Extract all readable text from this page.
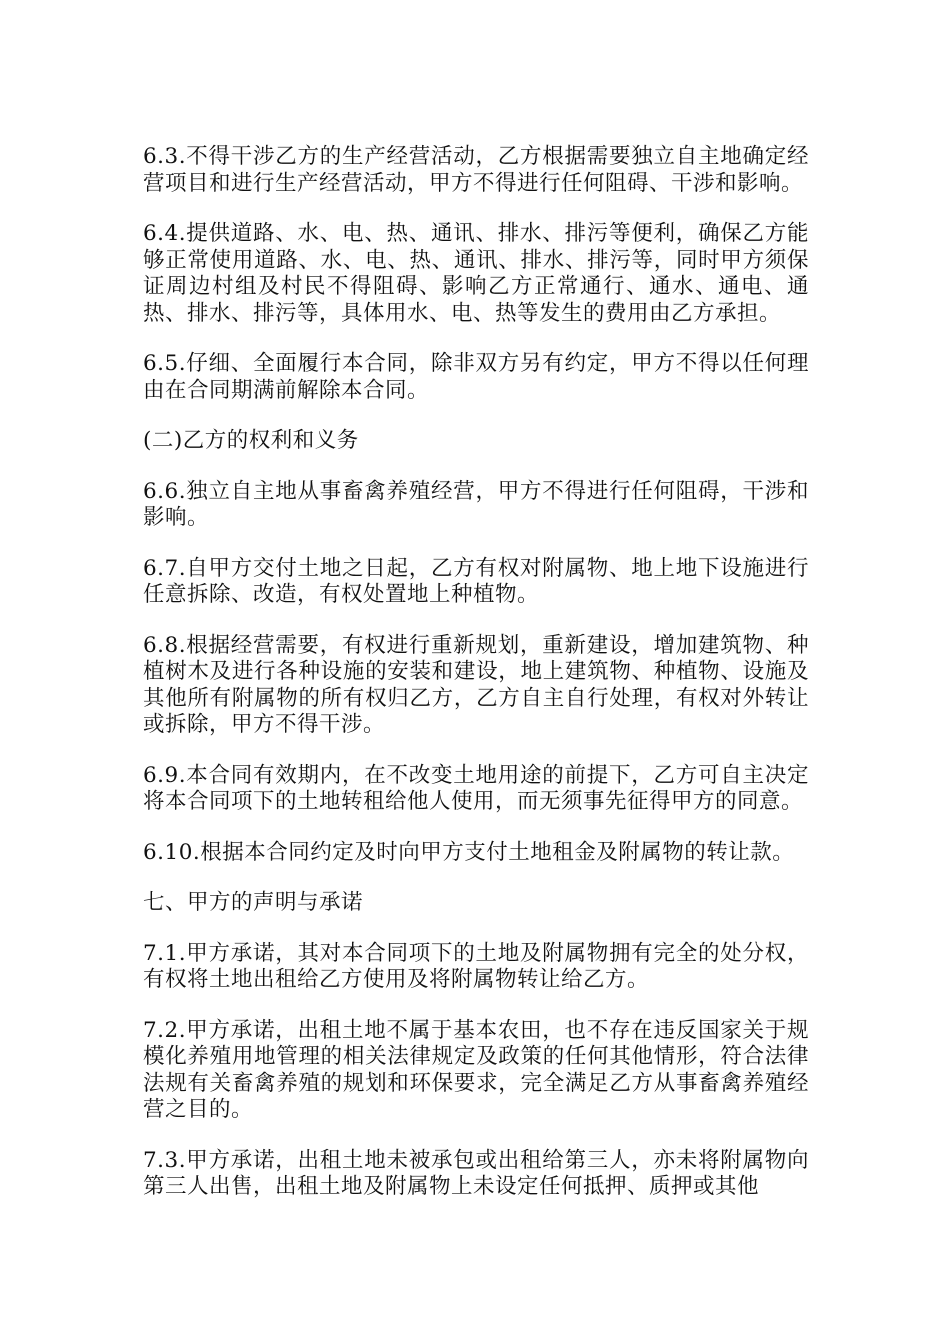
6.3.不得干涉乙方的生产经营活动，乙方根据需要独立自主地确定经营项目和进行生产经营活动，甲方不得进行任何阻碍、干涉和影响。

6.4.提供道路、水、电、热、通讯、排水、排污等便利，确保乙方能够正常使用道路、水、电、热、通讯、排水、排污等，同时甲方须保证周边村组及村民不得阻碍、影响乙方正常通行、通水、通电、通热、排水、排污等，具体用水、电、热等发生的费用由乙方承担。

6.5.仔细、全面履行本合同，除非双方另有约定，甲方不得以任何理由在合同期满前解除本合同。

(二)乙方的权利和义务

6.6.独立自主地从事畜禽养殖经营，甲方不得进行任何阻碍，干涉和影响。

6.7.自甲方交付土地之日起，乙方有权对附属物、地上地下设施进行任意拆除、改造，有权处置地上种植物。

6.8.根据经营需要，有权进行重新规划，重新建设，增加建筑物、种植树木及进行各种设施的安装和建设，地上建筑物、种植物、设施及其他所有附属物的所有权归乙方，乙方自主自行处理，有权对外转让或拆除，甲方不得干涉。

6.9.本合同有效期内，在不改变土地用途的前提下，乙方可自主决定将本合同项下的土地转租给他人使用，而无须事先征得甲方的同意。

6.10.根据本合同约定及时向甲方支付土地租金及附属物的转让款。

七、甲方的声明与承诺

7.1.甲方承诺，其对本合同项下的土地及附属物拥有完全的处分权，有权将土地出租给乙方使用及将附属物转让给乙方。

7.2.甲方承诺，出租土地不属于基本农田，也不存在违反国家关于规模化养殖用地管理的相关法律规定及政策的任何其他情形，符合法律法规有关畜禽养殖的规划和环保要求，完全满足乙方从事畜禽养殖经营之目的。

7.3.甲方承诺，出租土地未被承包或出租给第三人，亦未将附属物向第三人出售，出租土地及附属物上未设定任何抵押、质押或其他
